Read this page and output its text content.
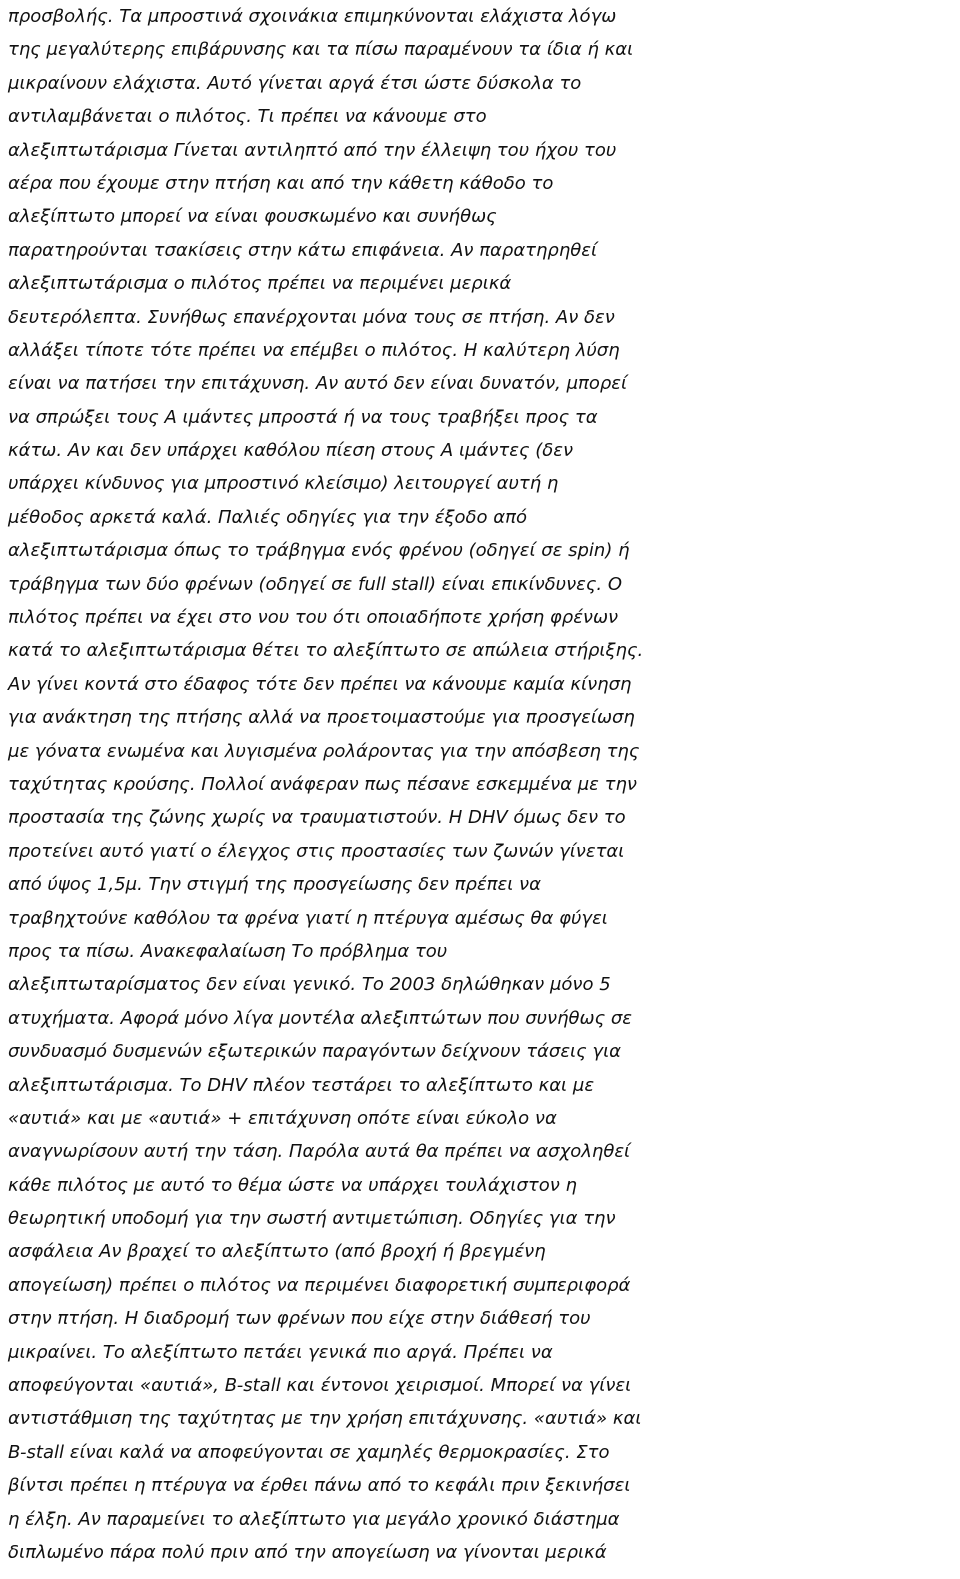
προσβολής. Τα μπροστινά σχοινάκια επιμηκύνονται ελάχιστα λόγω
της μεγαλύτερης επιβάρυνσης και τα πίσω παραμένουν τα ίδια ή και
μικραίνουν ελάχιστα. Αυτό γίνεται αργά έτσι ώστε δύσκολα το
αντιλαμβάνεται ο πιλότος. Τι πρέπει να κάνουμε στο
αλεξιπτωτάρισμα Γίνεται αντιληπτό από την έλλειψη του ήχου του
αέρα που έχουμε στην πτήση και από την κάθετη κάθοδο το
αλεξίπτωτο μπορεί να είναι φουσκωμένο και συνήθως
παρατηρούνται τσακίσεις στην κάτω επιφάνεια. Αν παρατηρηθεί
αλεξιπτωτάρισμα ο πιλότος πρέπει να περιμένει μερικά
δευτερόλεπτα. Συνήθως επανέρχονται μόνα τους σε πτήση. Αν δεν
αλλάξει τίποτε τότε πρέπει να επέμβει ο πιλότος. Η καλύτερη λύση
είναι να πατήσει την επιτάχυνση. Αν αυτό δεν είναι δυνατόν, μπορεί
να σπρώξει τους Α ιμάντες μπροστά ή να τους τραβήξει προς τα
κάτω. Αν και δεν υπάρχει καθόλου πίεση στους Α ιμάντες (δεν
υπάρχει κίνδυνος για μπροστινό κλείσιμο) λειτουργεί αυτή η
μέθοδος αρκετά καλά. Παλιές οδηγίες για την έξοδο από
αλεξιπτωτάρισμα όπως το τράβηγμα ενός φρένου (οδηγεί σε spin) ή
τράβηγμα των δύο φρένων (οδηγεί σε full stall) είναι επικίνδυνες. Ο
πιλότος πρέπει να έχει στο νου του ότι οποιαδήποτε χρήση φρένων
κατά το αλεξιπτωτάρισμα θέτει το αλεξίπτωτο σε απώλεια στήριξης.
Αν γίνει κοντά στο έδαφος τότε δεν πρέπει να κάνουμε καμία κίνηση
για ανάκτηση της πτήσης αλλά να προετοιμαστούμε για προσγείωση
με γόνατα ενωμένα και λυγισμένα ρολάροντας για την απόσβεση της
ταχύτητας κρούσης. Πολλοί ανάφεραν πως πέσανε εσκεμμένα με την
προστασία της ζώνης χωρίς να τραυματιστούν. Η DHV όμως δεν το
προτείνει αυτό γιατί ο έλεγχος στις προστασίες των ζωνών γίνεται
από ύψος 1,5μ. Την στιγμή της προσγείωσης δεν πρέπει να
τραβηχτούνε καθόλου τα φρένα γιατί η πτέρυγα αμέσως θα φύγει
προς τα πίσω. Ανακεφαλαίωση Το πρόβλημα του
αλεξιπτωταρίσματος δεν είναι γενικό. Το 2003 δηλώθηκαν μόνο 5
ατυχήματα. Αφορά μόνο λίγα μοντέλα αλεξιπτώτων που συνήθως σε
συνδυασμό δυσμενών εξωτερικών παραγόντων δείχνουν τάσεις για
αλεξιπτωτάρισμα. Το DHV πλέον τεστάρει το αλεξίπτωτο και με
«αυτιά» και με «αυτιά» + επιτάχυνση οπότε είναι εύκολο να
αναγνωρίσουν αυτή την τάση. Παρόλα αυτά θα πρέπει να ασχοληθεί
κάθε πιλότος με αυτό το θέμα ώστε να υπάρχει τουλάχιστον η
θεωρητική υποδομή για την σωστή αντιμετώπιση. Οδηγίες για την
ασφάλεια Αν βραχεί το αλεξίπτωτο (από βροχή ή βρεγμένη
απογείωση) πρέπει ο πιλότος να περιμένει διαφορετική συμπεριφορά
στην πτήση. Η διαδρομή των φρένων που είχε στην διάθεσή του
μικραίνει. Το αλεξίπτωτο πετάει γενικά πιο αργά. Πρέπει να
αποφεύγονται «αυτιά», B-stall και έντονοι χειρισμοί. Μπορεί να γίνει
αντιστάθμιση της ταχύτητας με την χρήση επιτάχυνσης. «αυτιά» και
B-stall είναι καλά να αποφεύγονται σε χαμηλές θερμοκρασίες. Στο
βίντσι πρέπει η πτέρυγα να έρθει πάνω από το κεφάλι πριν ξεκινήσει
η έλξη. Αν παραμείνει το αλεξίπτωτο για μεγάλο χρονικό διάστημα
διπλωμένο πάρα πολύ πριν από την απογείωση να γίνονται μερικά
